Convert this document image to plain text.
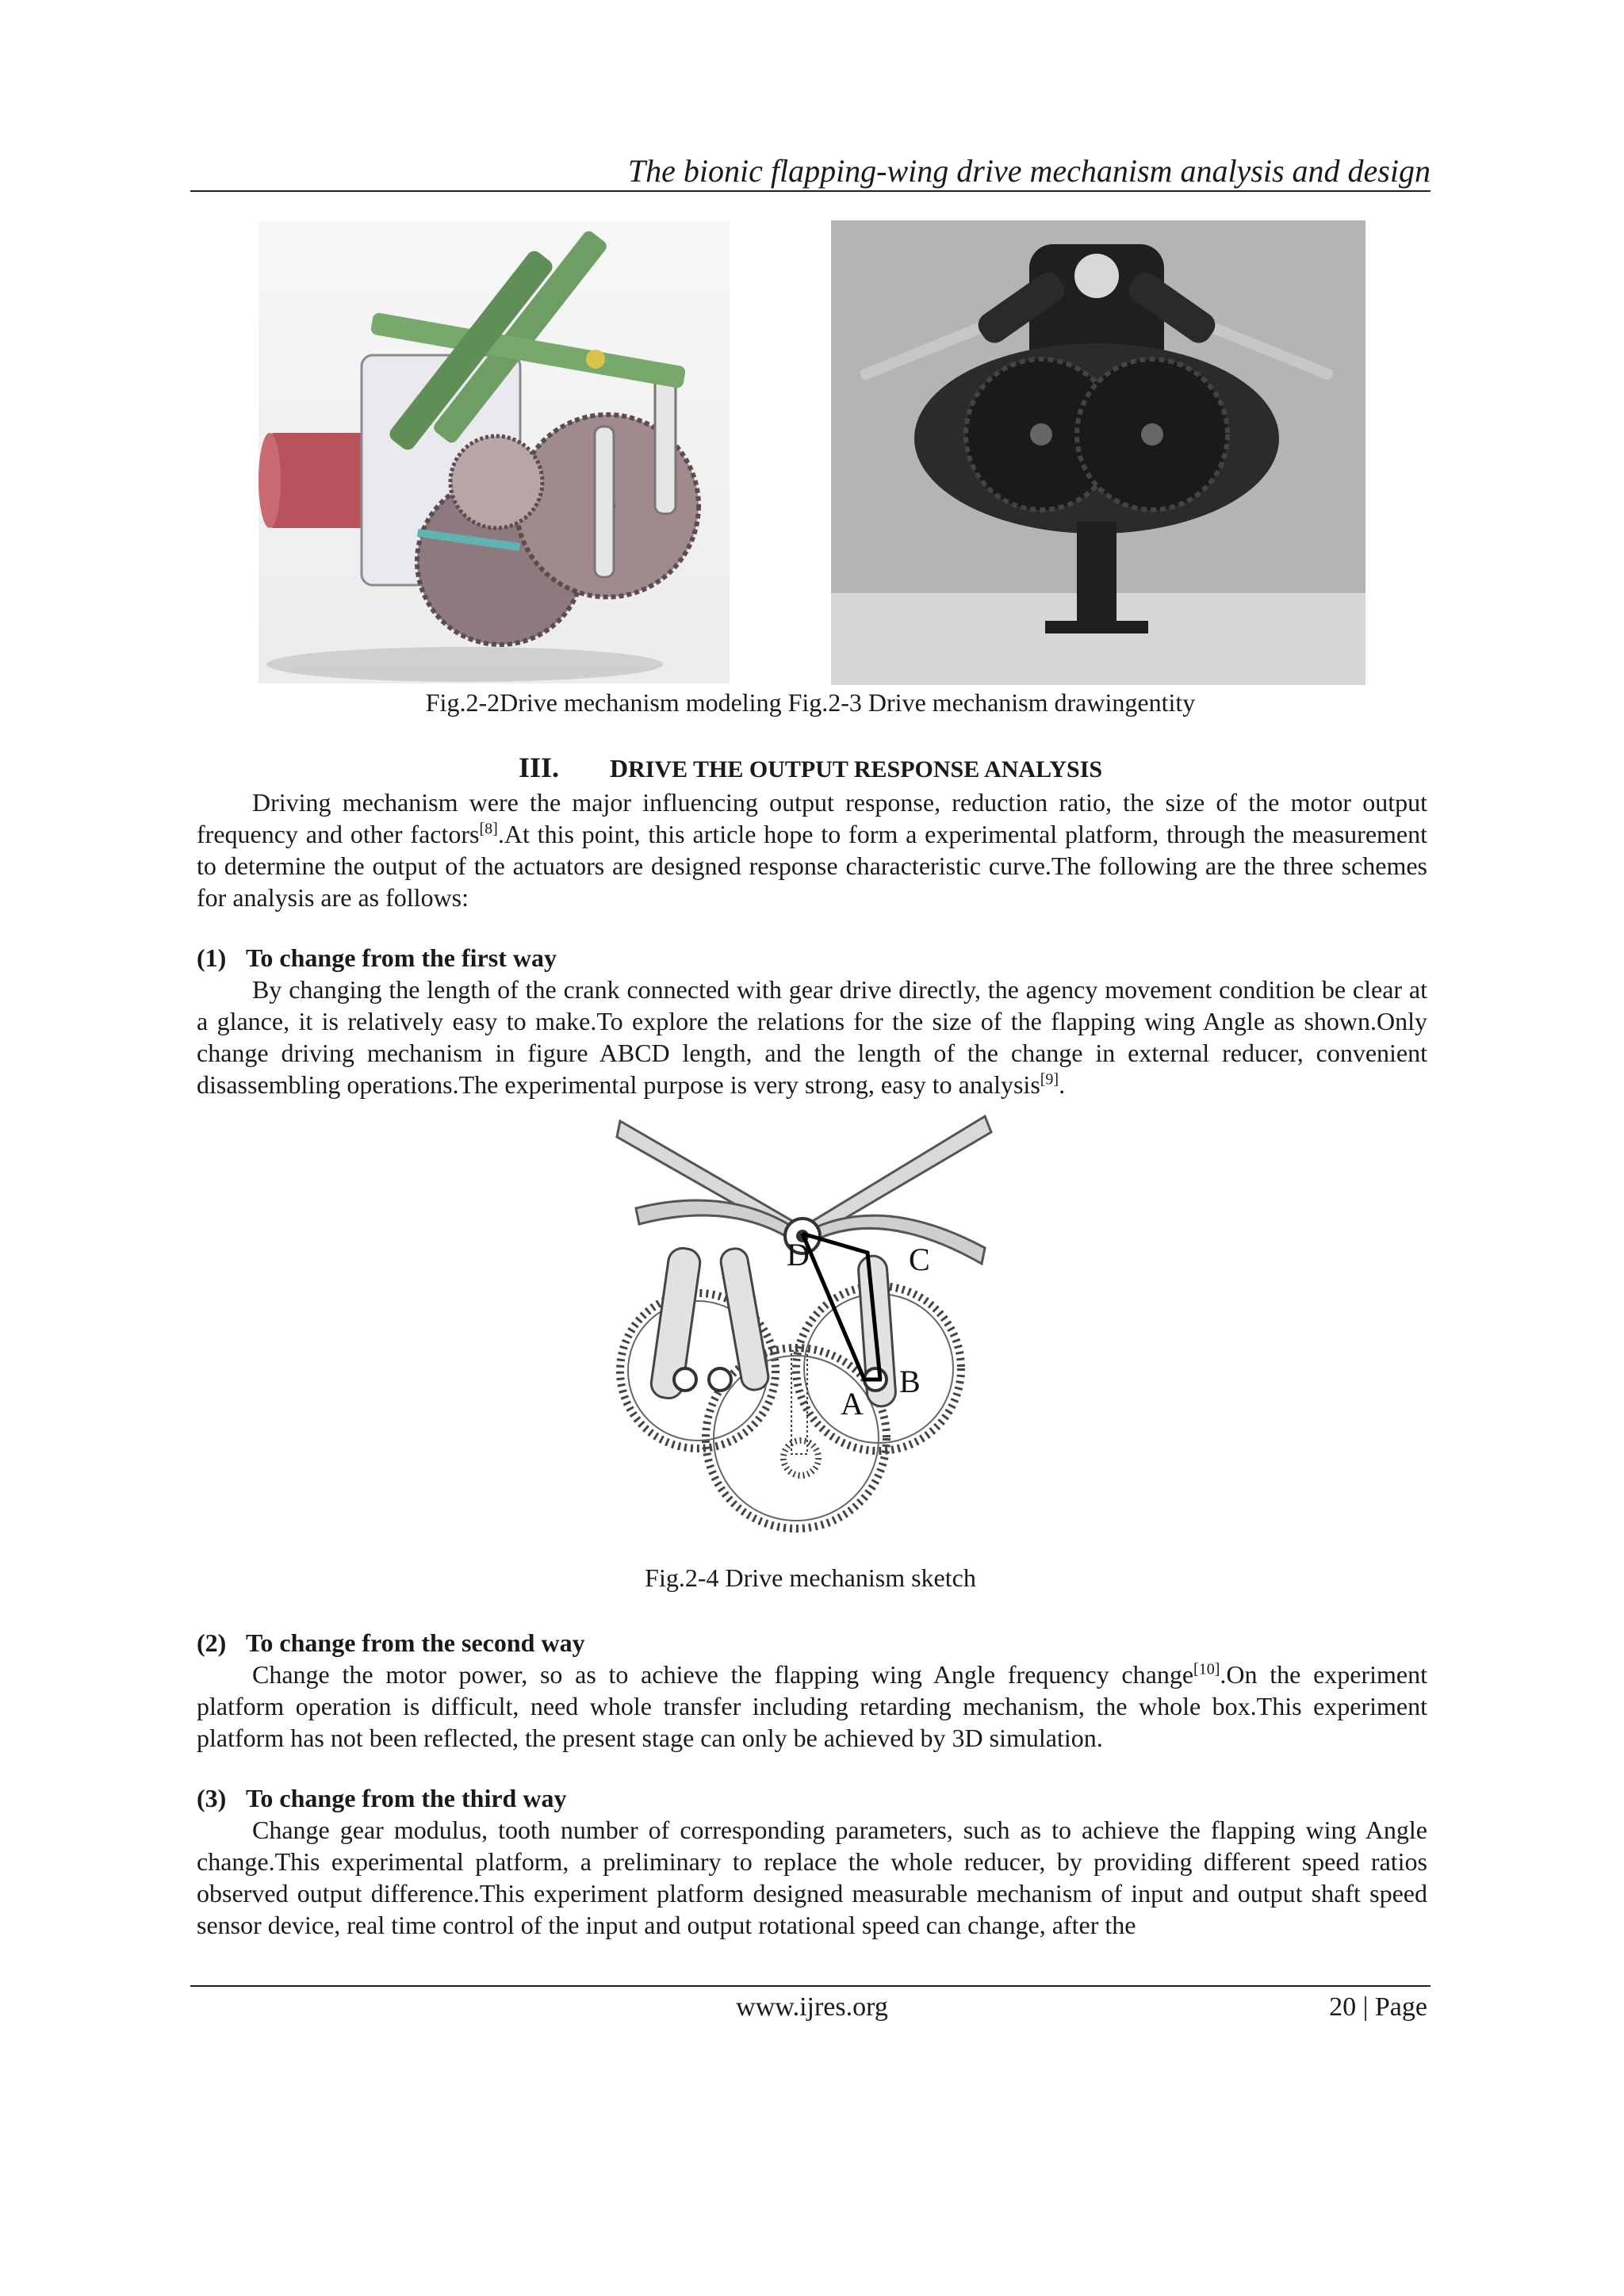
The bionic flapping-wing drive mechanism analysis and design
Fig.2-2Drive mechanism modeling Fig.2-3 Drive mechanism drawingentity
III. DRIVE THE OUTPUT RESPONSE ANALYSIS

Driving mechanism were the major influencing output response, reduction ratio, the size of the motor output frequency and other factors[8].At this point, this article hope to form a experimental platform, through the measurement to determine the output of the actuators are designed response characteristic curve.The following are the three schemes for analysis are as follows:

(1) To change from the first way

By changing the length of the crank connected with gear drive directly, the agency movement condition be clear at a glance, it is relatively easy to make.To explore the relations for the size of the flapping wing Angle as shown.Only change driving mechanism in figure ABCD length, and the length of the change in external reducer, convenient disassembling operations.The experimental purpose is very strong, easy to analysis[9].

D	C
A
B
Fig.2-4 Drive mechanism sketch

(2) To change from the second way

Change the motor power, so as to achieve the flapping wing Angle frequency change[10].On the experiment platform operation is difficult, need whole transfer including retarding mechanism, the whole box.This experiment platform has not been reflected, the present stage can only be achieved by 3D simulation.

(3) To change from the third way

Change gear modulus, tooth number of corresponding parameters, such as to achieve the flapping wing Angle change.This experimental platform, a preliminary to replace the whole reducer, by providing different speed ratios observed output difference.This experiment platform designed measurable mechanism of input and output shaft speed sensor device, real time control of the input and output rotational speed can change, after the

www.ijres.org	20 | Page
